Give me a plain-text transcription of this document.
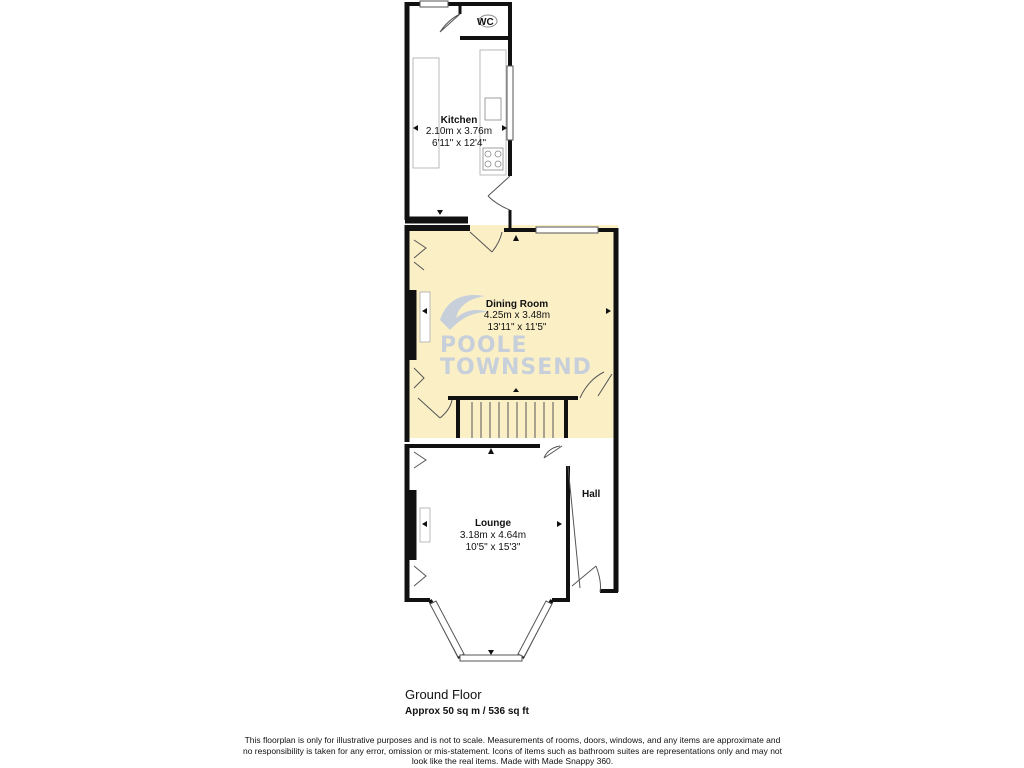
WC
Kitchen
2.10m x 3.76m
6'11" x 12'4"
POOLE
TOWNSEND
Dining Room
4.25m x 3.48m
13'11" x 11'5"
Lounge
3.18m x 4.64m
10'5" x 15'3"
Hall
Ground Floor
Approx 50 sq m / 536 sq ft
This floorplan is only for illustrative purposes and is not to scale. Measurements of rooms, doors, windows, and any items are approximate and no responsibility is taken for any error, omission or mis-statement. Icons of items such as bathroom suites are representations only and may not look like the real items. Made with Made Snappy 360.
